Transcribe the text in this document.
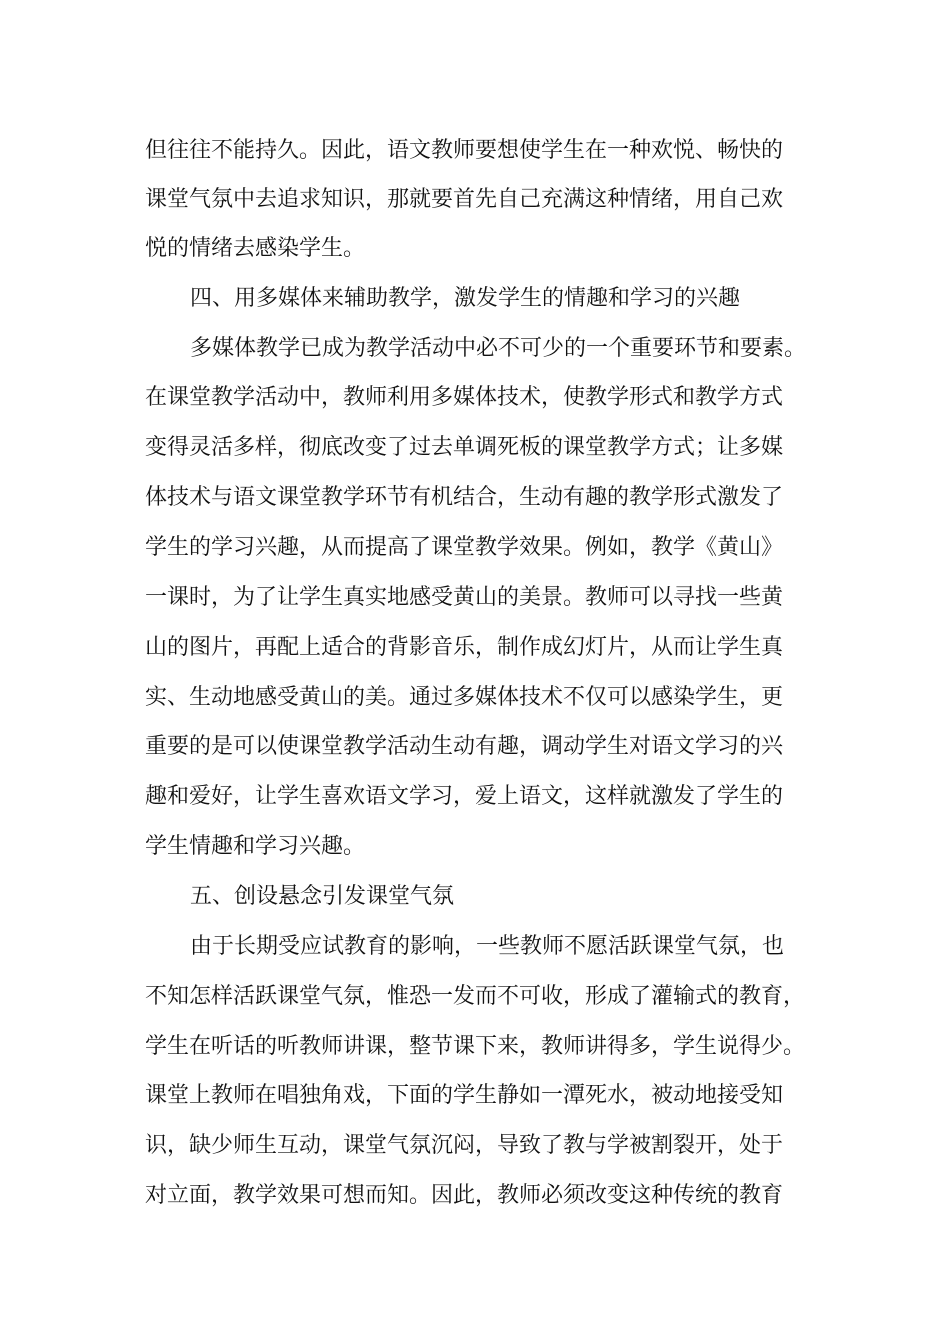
但往往不能持久。因此，语文教师要想使学生在一种欢悦、畅快的
课堂气氛中去追求知识，那就要首先自己充满这种情绪，用自己欢
悦的情绪去感染学生。
四、用多媒体来辅助教学，激发学生的情趣和学习的兴趣
多媒体教学已成为教学活动中必不可少的一个重要环节和要素。
在课堂教学活动中，教师利用多媒体技术，使教学形式和教学方式
变得灵活多样，彻底改变了过去单调死板的课堂教学方式；让多媒
体技术与语文课堂教学环节有机结合，生动有趣的教学形式激发了
学生的学习兴趣，从而提高了课堂教学效果。例如，教学《黄山》
一课时，为了让学生真实地感受黄山的美景。教师可以寻找一些黄
山的图片，再配上适合的背影音乐，制作成幻灯片，从而让学生真
实、生动地感受黄山的美。通过多媒体技术不仅可以感染学生，更
重要的是可以使课堂教学活动生动有趣，调动学生对语文学习的兴
趣和爱好，让学生喜欢语文学习，爱上语文，这样就激发了学生的
学生情趣和学习兴趣。
五、创设悬念引发课堂气氛
由于长期受应试教育的影响，一些教师不愿活跃课堂气氛，也
不知怎样活跃课堂气氛，惟恐一发而不可收，形成了灌输式的教育，
学生在听话的听教师讲课，整节课下来，教师讲得多，学生说得少。
课堂上教师在唱独角戏，下面的学生静如一潭死水，被动地接受知
识，缺少师生互动，课堂气氛沉闷，导致了教与学被割裂开，处于
对立面，教学效果可想而知。因此，教师必须改变这种传统的教育
